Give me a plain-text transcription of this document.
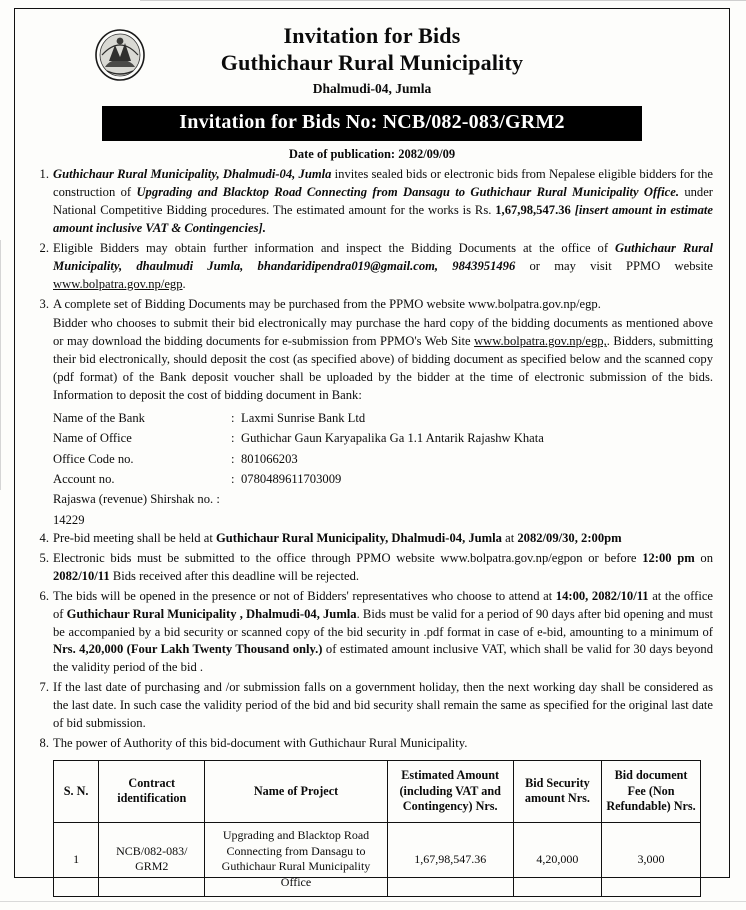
Invitation for Bids
Guthichaur Rural Municipality
Dhalmudi-04, Jumla
Invitation for Bids No: NCB/082-083/GRM2
Date of publication: 2082/09/09
1. Guthichaur Rural Municipality, Dhalmudi-04, Jumla invites sealed bids or electronic bids from Nepalese eligible bidders for the construction of Upgrading and Blacktop Road Connecting from Dansagu to Guthichaur Rural Municipality Office. under National Competitive Bidding procedures. The estimated amount for the works is Rs. 1,67,98,547.36 [insert amount in estimate amount inclusive VAT & Contingencies].
2. Eligible Bidders may obtain further information and inspect the Bidding Documents at the office of Guthichaur Rural Municipality, dhaulmudi Jumla, bhandaridipendra019@gmail.com, 9843951496 or may visit PPMO website www.bolpatra.gov.np/egp.
3. A complete set of Bidding Documents may be purchased from the PPMO website www.bolpatra.gov.np/egp.
Bidder who chooses to submit their bid electronically may purchase the hard copy of the bidding documents as mentioned above or may download the bidding documents for e-submission from PPMO's Web Site www.bolpatra.gov.np/egp,. Bidders, submitting their bid electronically, should deposit the cost (as specified above) of bidding document as specified below and the scanned copy (pdf format) of the Bank deposit voucher shall be uploaded by the bidder at the time of electronic submission of the bids. Information to deposit the cost of bidding document in Bank:
Name of the Bank	: Laxmi Sunrise Bank Ltd
Name of Office	: Guthichar Gaun Karyapalika Ga 1.1 Antarik Rajashw Khata
Office Code no.	: 801066203
Account no.	: 0780489611703009
Rajaswa (revenue) Shirshak no. : 14229
4. Pre-bid meeting shall be held at Guthichaur Rural Municipality, Dhalmudi-04, Jumla at 2082/09/30, 2:00pm
5. Electronic bids must be submitted to the office through PPMO website www.bolpatra.gov.np/egpon or before 12:00 pm on 2082/10/11 Bids received after this deadline will be rejected.
6. The bids will be opened in the presence or not of Bidders' representatives who choose to attend at 14:00, 2082/10/11 at the office of Guthichaur Rural Municipality , Dhalmudi-04, Jumla. Bids must be valid for a period of 90 days after bid opening and must be accompanied by a bid security or scanned copy of the bid security in .pdf format in case of e-bid, amounting to a minimum of Nrs. 4,20,000 (Four Lakh Twenty Thousand only.) of estimated amount inclusive VAT, which shall be valid for 30 days beyond the validity period of the bid .
7. If the last date of purchasing and /or submission falls on a government holiday, then the next working day shall be considered as the last date. In such case the validity period of the bid and bid security shall remain the same as specified for the original last date of bid submission.
8. The power of Authority of this bid-document with Guthichaur Rural Municipality.
S. N.	Contract identification	Name of Project	Estimated Amount (including VAT and Contingency) Nrs.	Bid Security amount Nrs.	Bid document Fee (Non Refundable) Nrs.
1	NCB/082-083/ GRM2	Upgrading and Blacktop Road Connecting from Dansagu to Guthichaur Rural Municipality Office	1,67,98,547.36	4,20,000	3,000
